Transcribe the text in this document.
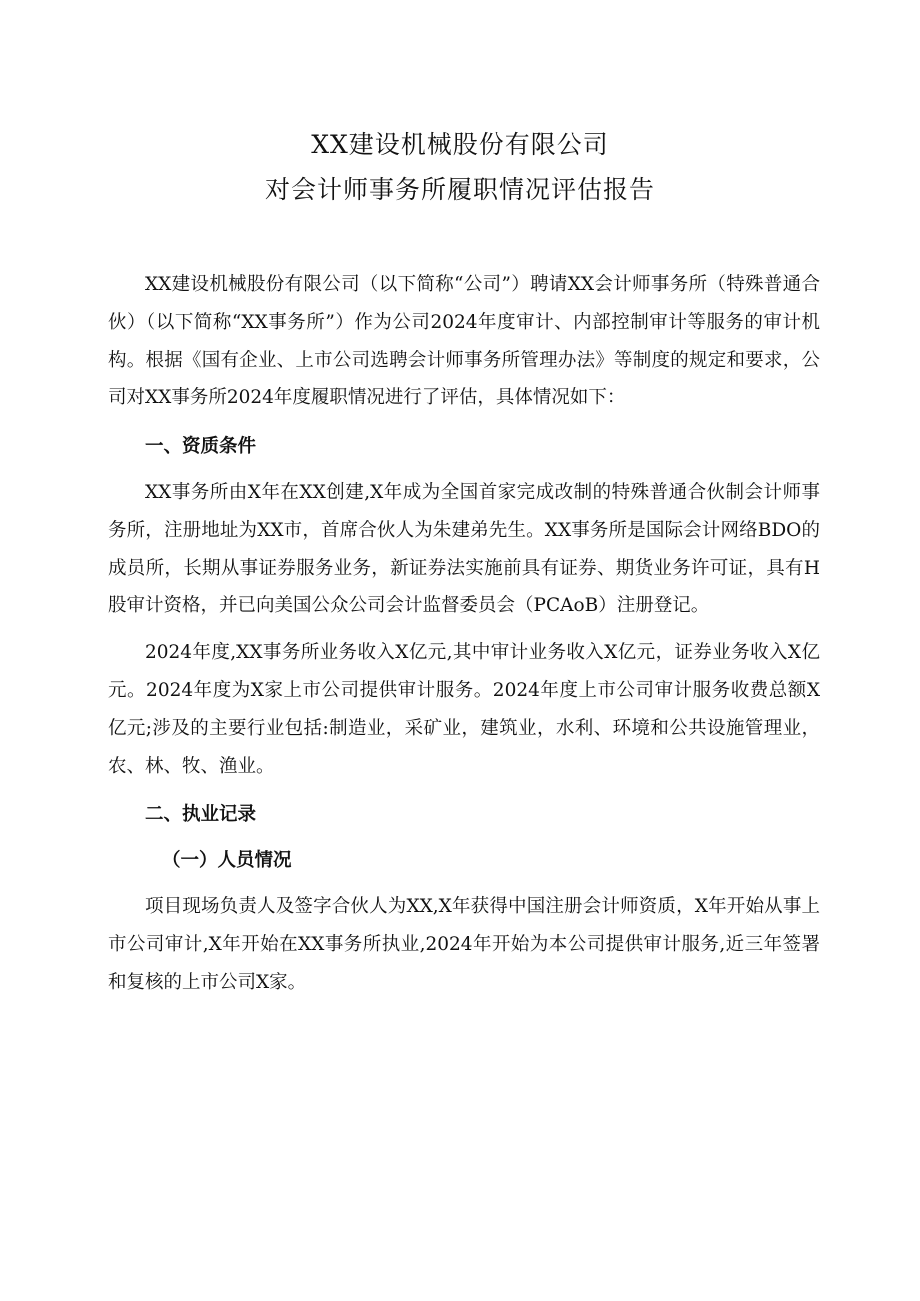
XX建设机械股份有限公司
对会计师事务所履职情况评估报告

XX建设机械股份有限公司（以下简称“公司”）聘请XX会计师事务所（特殊普通合伙）（以下简称“XX事务所”）作为公司2024年度审计、内部控制审计等服务的审计机构。根据《国有企业、上市公司选聘会计师事务所管理办法》等制度的规定和要求，公司对XX事务所2024年度履职情况进行了评估，具体情况如下：

一、资质条件

XX事务所由X年在XX创建,X年成为全国首家完成改制的特殊普通合伙制会计师事务所，注册地址为XX市，首席合伙人为朱建弟先生。XX事务所是国际会计网络BDO的成员所，长期从事证券服务业务，新证券法实施前具有证券、期货业务许可证，具有H股审计资格，并已向美国公众公司会计监督委员会（PCAoB）注册登记。

2024年度,XX事务所业务收入X亿元,其中审计业务收入X亿元，证券业务收入X亿元。2024年度为X家上市公司提供审计服务。2024年度上市公司审计服务收费总额X亿元;涉及的主要行业包括:制造业，采矿业，建筑业，水利、环境和公共设施管理业，农、林、牧、渔业。

二、执业记录
（一）人员情况

项目现场负责人及签字合伙人为XX,X年获得中国注册会计师资质，X年开始从事上市公司审计,X年开始在XX事务所执业,2024年开始为本公司提供审计服务,近三年签署和复核的上市公司X家。
